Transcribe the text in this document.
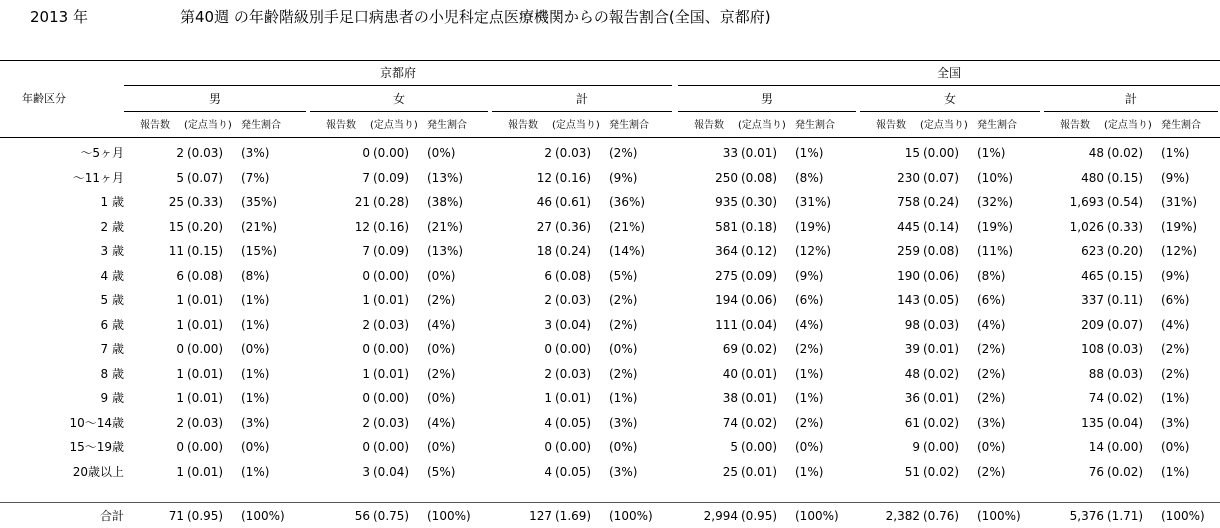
2013 年	第40週 の年齢階級別手足口病患者の小児科定点医療機関からの報告割合(全国、京都府)
年齢区分
京都府	全国
男
報告数 (定点当り) 発生割合
女
報告数 (定点当り) 発生割合
計
報告数 (定点当り) 発生割合
男
報告数 (定点当り) 発生割合
女
報告数 (定点当り) 発生割合
計
報告数 (定点当り) 発生割合
～5ヶ月	2 (0.03) (3%)	0 (0.00) (0%)	2 (0.03) (2%)	33 (0.01) (1%)	15 (0.00) (1%)	48 (0.02) (1%)
～11ヶ月	5 (0.07) (7%)	7 (0.09) (13%)	12 (0.16) (9%)	250 (0.08) (8%)	230 (0.07) (10%)	480 (0.15) (9%)
1 歳	25 (0.33) (35%)	21 (0.28) (38%)	46 (0.61) (36%)	935 (0.30) (31%)	758 (0.24) (32%)	1,693 (0.54) (31%)
2 歳	15 (0.20) (21%)	12 (0.16) (21%)	27 (0.36) (21%)	581 (0.18) (19%)	445 (0.14) (19%)	1,026 (0.33) (19%)
3 歳	11 (0.15) (15%)	7 (0.09) (13%)	18 (0.24) (14%)	364 (0.12) (12%)	259 (0.08) (11%)	623 (0.20) (12%)
4 歳	6 (0.08) (8%)	0 (0.00) (0%)	6 (0.08) (5%)	275 (0.09) (9%)	190 (0.06) (8%)	465 (0.15) (9%)
5 歳	1 (0.01) (1%)	1 (0.01) (2%)	2 (0.03) (2%)	194 (0.06) (6%)	143 (0.05) (6%)	337 (0.11) (6%)
6 歳	1 (0.01) (1%)	2 (0.03) (4%)	3 (0.04) (2%)	111 (0.04) (4%)	98 (0.03) (4%)	209 (0.07) (4%)
7 歳	0 (0.00) (0%)	0 (0.00) (0%)	0 (0.00) (0%)	69 (0.02) (2%)	39 (0.01) (2%)	108 (0.03) (2%)
8 歳	1 (0.01) (1%)	1 (0.01) (2%)	2 (0.03) (2%)	40 (0.01) (1%)	48 (0.02) (2%)	88 (0.03) (2%)
9 歳	1 (0.01) (1%)	0 (0.00) (0%)	1 (0.01) (1%)	38 (0.01) (1%)	36 (0.01) (2%)	74 (0.02) (1%)
10～14歳	2 (0.03) (3%)	2 (0.03) (4%)	4 (0.05) (3%)	74 (0.02) (2%)	61 (0.02) (3%)	135 (0.04) (3%)
15～19歳	0 (0.00) (0%)	0 (0.00) (0%)	0 (0.00) (0%)	5 (0.00) (0%)	9 (0.00) (0%)	14 (0.00) (0%)
20歳以上	1 (0.01) (1%)	3 (0.04) (5%)	4 (0.05) (3%)	25 (0.01) (1%)	51 (0.02) (2%)	76 (0.02) (1%)
合計	71 (0.95) (100%)	56 (0.75) (100%)	127 (1.69) (100%)	2,994 (0.95) (100%)	2,382 (0.76) (100%)	5,376 (1.71) (100%)
